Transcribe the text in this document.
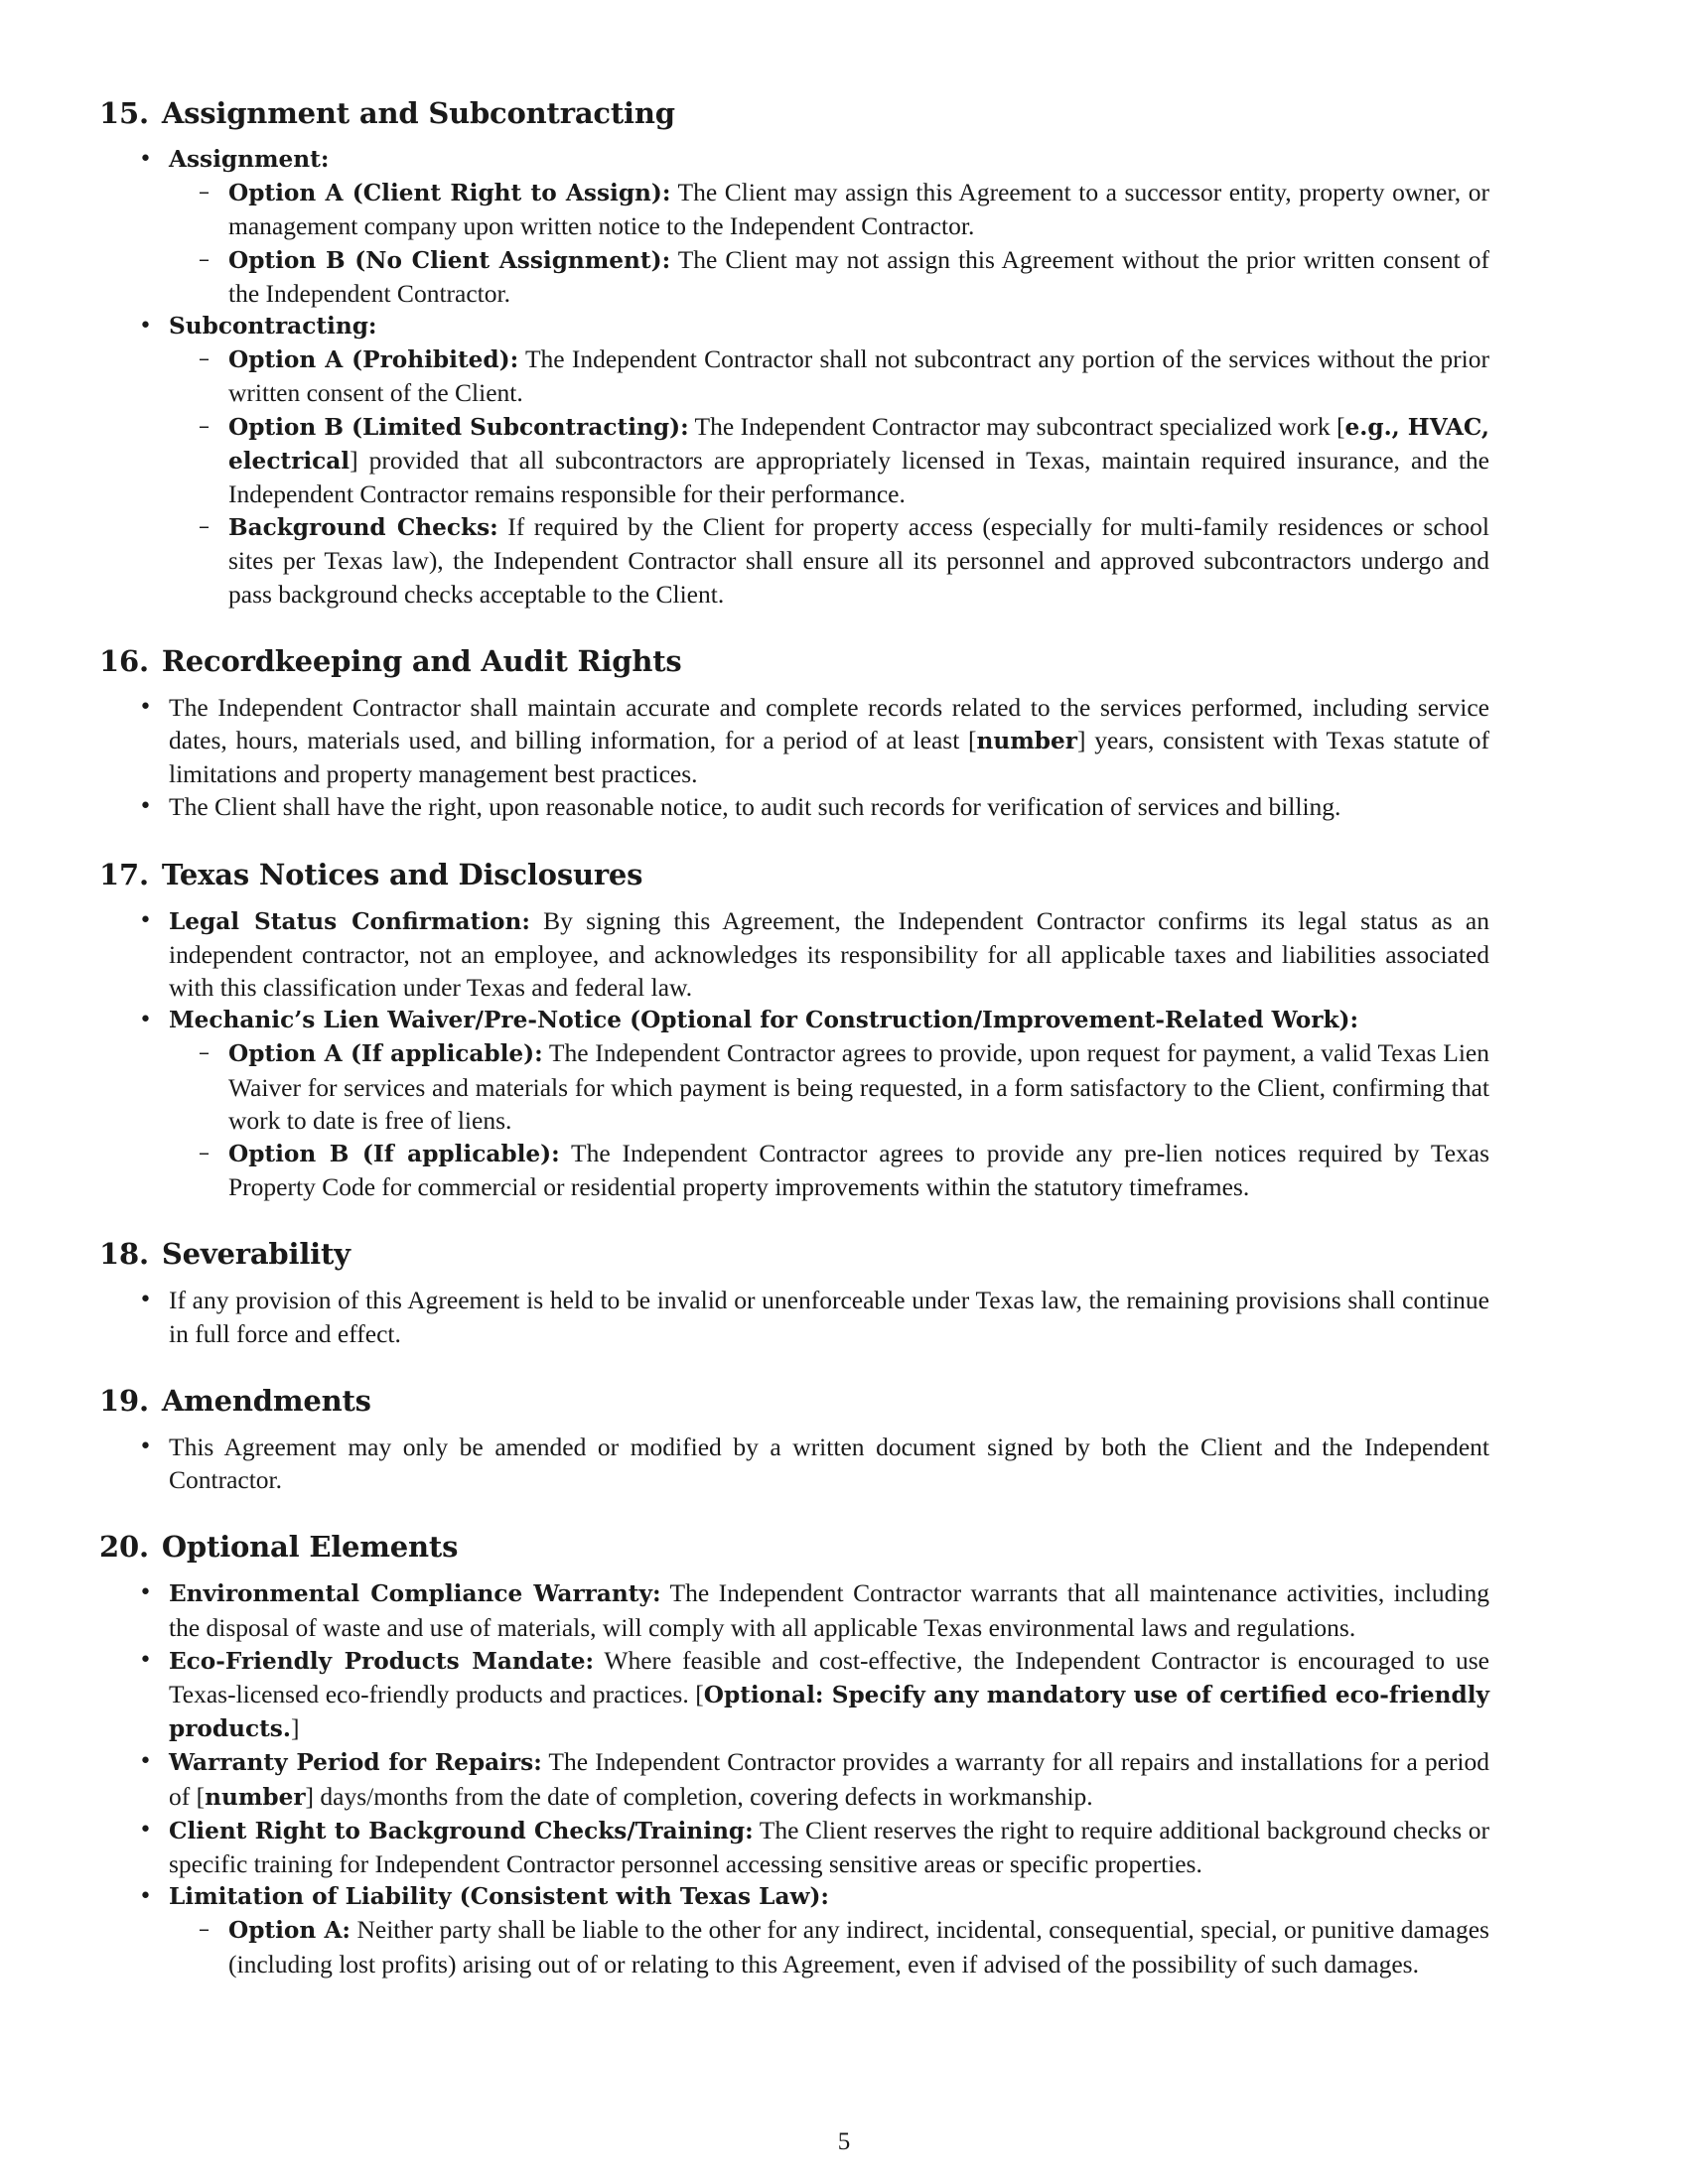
15. Assignment and Subcontracting
• Assignment:

– Option A (Client Right to Assign): The Client may assign this Agreement to a successor entity, property owner, or management company upon written notice to the Independent Contractor.

– Option B (No Client Assignment): The Client may not assign this Agreement without the prior written consent of the Independent Contractor.

• Subcontracting:

– Option A (Prohibited): The Independent Contractor shall not subcontract any portion of the services without the prior written consent of the Client.

– Option B (Limited Subcontracting): The Independent Contractor may subcontract specialized work [e.g., HVAC, electrical] provided that all subcontractors are appropriately licensed in Texas, maintain required insurance, and the Independent Contractor remains responsible for their performance.

– Background Checks: If required by the Client for property access (especially for multi-family residences or school sites per Texas law), the Independent Contractor shall ensure all its personnel and approved subcontractors undergo and pass background checks acceptable to the Client.

16. Recordkeeping and Audit Rights
• The Independent Contractor shall maintain accurate and complete records related to the services performed, including service dates, hours, materials used, and billing information, for a period of at least [number] years, consistent with Texas statute of limitations and property management best practices.

• The Client shall have the right, upon reasonable notice, to audit such records for verification of services and billing.

17. Texas Notices and Disclosures
• Legal Status Confirmation: By signing this Agreement, the Independent Contractor confirms its legal status as an independent contractor, not an employee, and acknowledges its responsibility for all applicable taxes and liabilities associated with this classification under Texas and federal law.

• Mechanic’s Lien Waiver/Pre-Notice (Optional for Construction/Improvement-Related Work):

– Option A (If applicable): The Independent Contractor agrees to provide, upon request for payment, a valid Texas Lien Waiver for services and materials for which payment is being requested, in a form satisfactory to the Client, confirming that work to date is free of liens.

– Option B (If applicable): The Independent Contractor agrees to provide any pre-lien notices required by Texas Property Code for commercial or residential property improvements within the statutory timeframes.

18. Severability
• If any provision of this Agreement is held to be invalid or unenforceable under Texas law, the remaining provisions shall continue in full force and effect.

19. Amendments
• This Agreement may only be amended or modified by a written document signed by both the Client and the Independent Contractor.

20. Optional Elements
• Environmental Compliance Warranty: The Independent Contractor warrants that all maintenance activities, including the disposal of waste and use of materials, will comply with all applicable Texas environmental laws and regulations.

• Eco-Friendly Products Mandate: Where feasible and cost-effective, the Independent Contractor is encouraged to use Texas-licensed eco-friendly products and practices. [Optional: Specify any mandatory use of certified eco-friendly products.]

• Warranty Period for Repairs: The Independent Contractor provides a warranty for all repairs and installations for a period of [number] days/months from the date of completion, covering defects in workmanship.

• Client Right to Background Checks/Training: The Client reserves the right to require additional background checks or specific training for Independent Contractor personnel accessing sensitive areas or specific properties.

• Limitation of Liability (Consistent with Texas Law):

– Option A: Neither party shall be liable to the other for any indirect, incidental, consequential, special, or punitive damages (including lost profits) arising out of or relating to this Agreement, even if advised of the possibility of such damages.

5
